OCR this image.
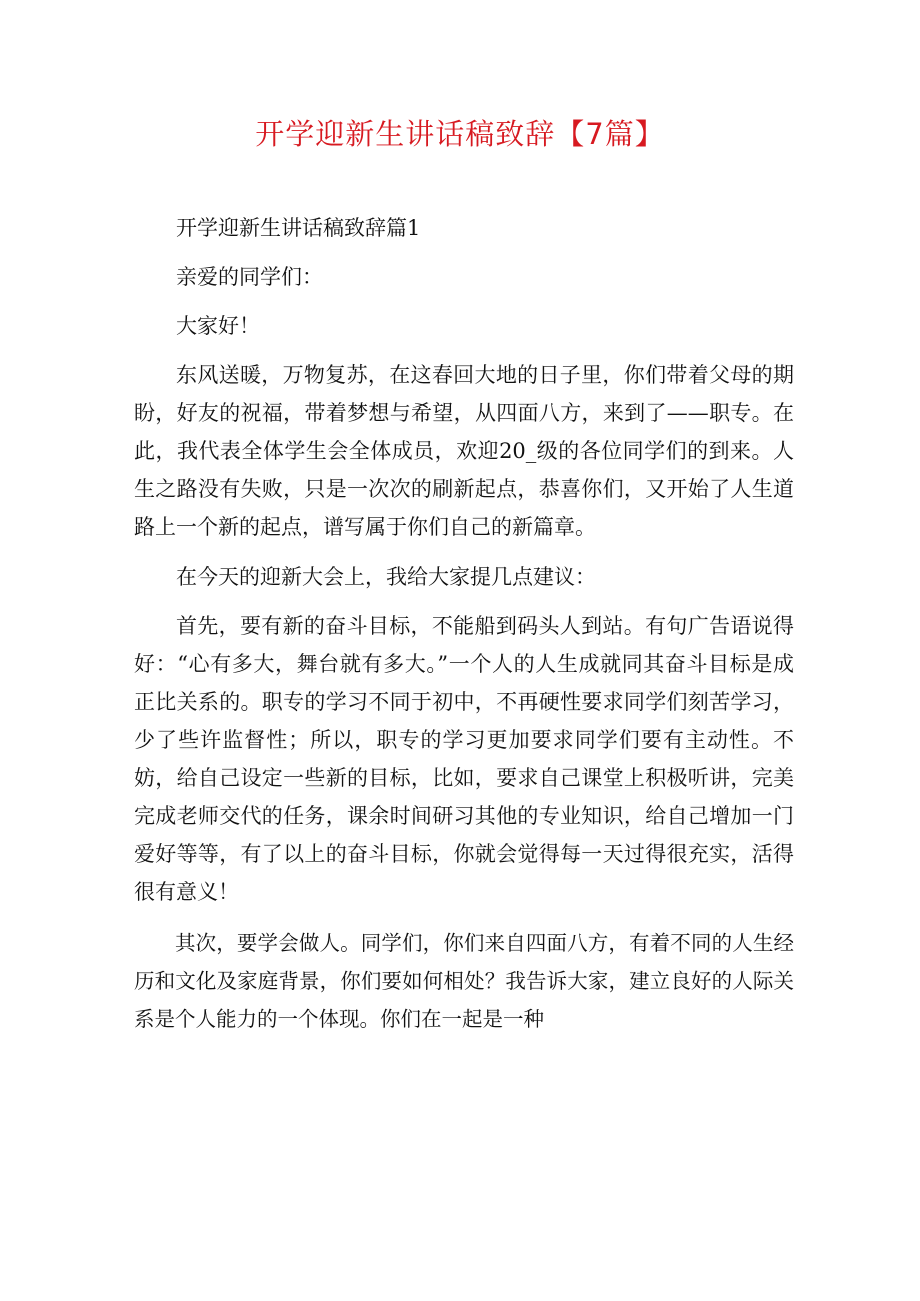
开学迎新生讲话稿致辞【7篇】

开学迎新生讲话稿致辞篇1

亲爱的同学们：

大家好！

东风送暖，万物复苏，在这春回大地的日子里，你们带着父母的期盼，好友的祝福，带着梦想与希望，从四面八方，来到了——职专。在此，我代表全体学生会全体成员，欢迎20_级的各位同学们的到来。人生之路没有失败，只是一次次的刷新起点，恭喜你们，又开始了人生道路上一个新的起点，谱写属于你们自己的新篇章。

在今天的迎新大会上，我给大家提几点建议：

首先，要有新的奋斗目标，不能船到码头人到站。有句广告语说得好：“心有多大，舞台就有多大。”一个人的人生成就同其奋斗目标是成正比关系的。职专的学习不同于初中，不再硬性要求同学们刻苦学习，少了些许监督性；所以，职专的学习更加要求同学们要有主动性。不妨，给自己设定一些新的目标，比如，要求自己课堂上积极听讲，完美完成老师交代的任务，课余时间研习其他的专业知识，给自己增加一门爱好等等，有了以上的奋斗目标，你就会觉得每一天过得很充实，活得很有意义！

其次，要学会做人。同学们，你们来自四面八方，有着不同的人生经历和文化及家庭背景，你们要如何相处？我告诉大家，建立良好的人际关系是个人能力的一个体现。你们在一起是一种
